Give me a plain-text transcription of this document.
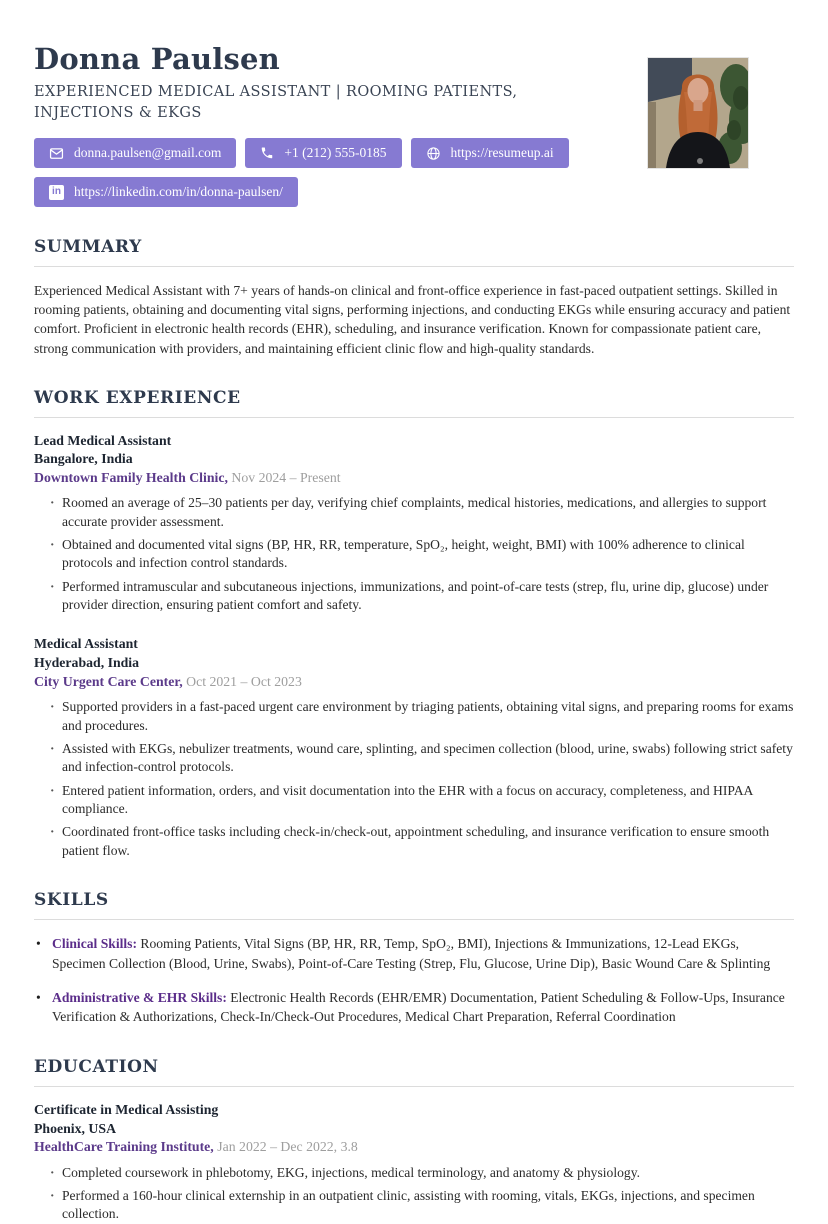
Donna Paulsen
EXPERIENCED MEDICAL ASSISTANT | ROOMING PATIENTS, INJECTIONS & EKGS
donna.paulsen@gmail.com	+1 (212) 555-0185	https://resumeup.ai
in https://linkedin.com/in/donna-paulsen/
SUMMARY

Experienced Medical Assistant with 7+ years of hands-on clinical and front-office experience in fast-paced outpatient settings. Skilled in rooming patients, obtaining and documenting vital signs, performing injections, and conducting EKGs while ensuring accuracy and patient comfort. Proficient in electronic health records (EHR), scheduling, and insurance verification. Known for compassionate patient care, strong communication with providers, and maintaining efficient clinic flow and high-quality standards.

WORK EXPERIENCE
Lead Medical Assistant
Bangalore, India
Downtown Family Health Clinic, Nov 2024 – Present
· Roomed an average of 25–30 patients per day, verifying chief complaints, medical histories, medications, and allergies to support accurate provider assessment.
· Obtained and documented vital signs (BP, HR, RR, temperature, SpO₂, height, weight, BMI) with 100% adherence to clinical protocols and infection control standards.
· Performed intramuscular and subcutaneous injections, immunizations, and point-of-care tests (strep, flu, urine dip, glucose) under provider direction, ensuring patient comfort and safety.
Medical Assistant
Hyderabad, India
City Urgent Care Center, Oct 2021 – Oct 2023
· Supported providers in a fast-paced urgent care environment by triaging patients, obtaining vital signs, and preparing rooms for exams and procedures.
· Assisted with EKGs, nebulizer treatments, wound care, splinting, and specimen collection (blood, urine, swabs) following strict safety and infection-control protocols.
· Entered patient information, orders, and visit documentation into the EHR with a focus on accuracy, completeness, and HIPAA compliance.
· Coordinated front-office tasks including check-in/check-out, appointment scheduling, and insurance verification to ensure smooth patient flow.
SKILLS
• Clinical Skills: Rooming Patients, Vital Signs (BP, HR, RR, Temp, SpO₂, BMI), Injections & Immunizations, 12-Lead EKGs, Specimen Collection (Blood, Urine, Swabs), Point-of-Care Testing (Strep, Flu, Glucose, Urine Dip), Basic Wound Care & Splinting
• Administrative & EHR Skills: Electronic Health Records (EHR/EMR) Documentation, Patient Scheduling & Follow-Ups, Insurance Verification & Authorizations, Check-In/Check-Out Procedures, Medical Chart Preparation, Referral Coordination
EDUCATION
Certificate in Medical Assisting
Phoenix, USA
HealthCare Training Institute, Jan 2022 – Dec 2022, 3.8
· Completed coursework in phlebotomy, EKG, injections, medical terminology, and anatomy & physiology.
· Performed a 160-hour clinical externship in an outpatient clinic, assisting with rooming, vitals, EKGs, injections, and specimen collection.
